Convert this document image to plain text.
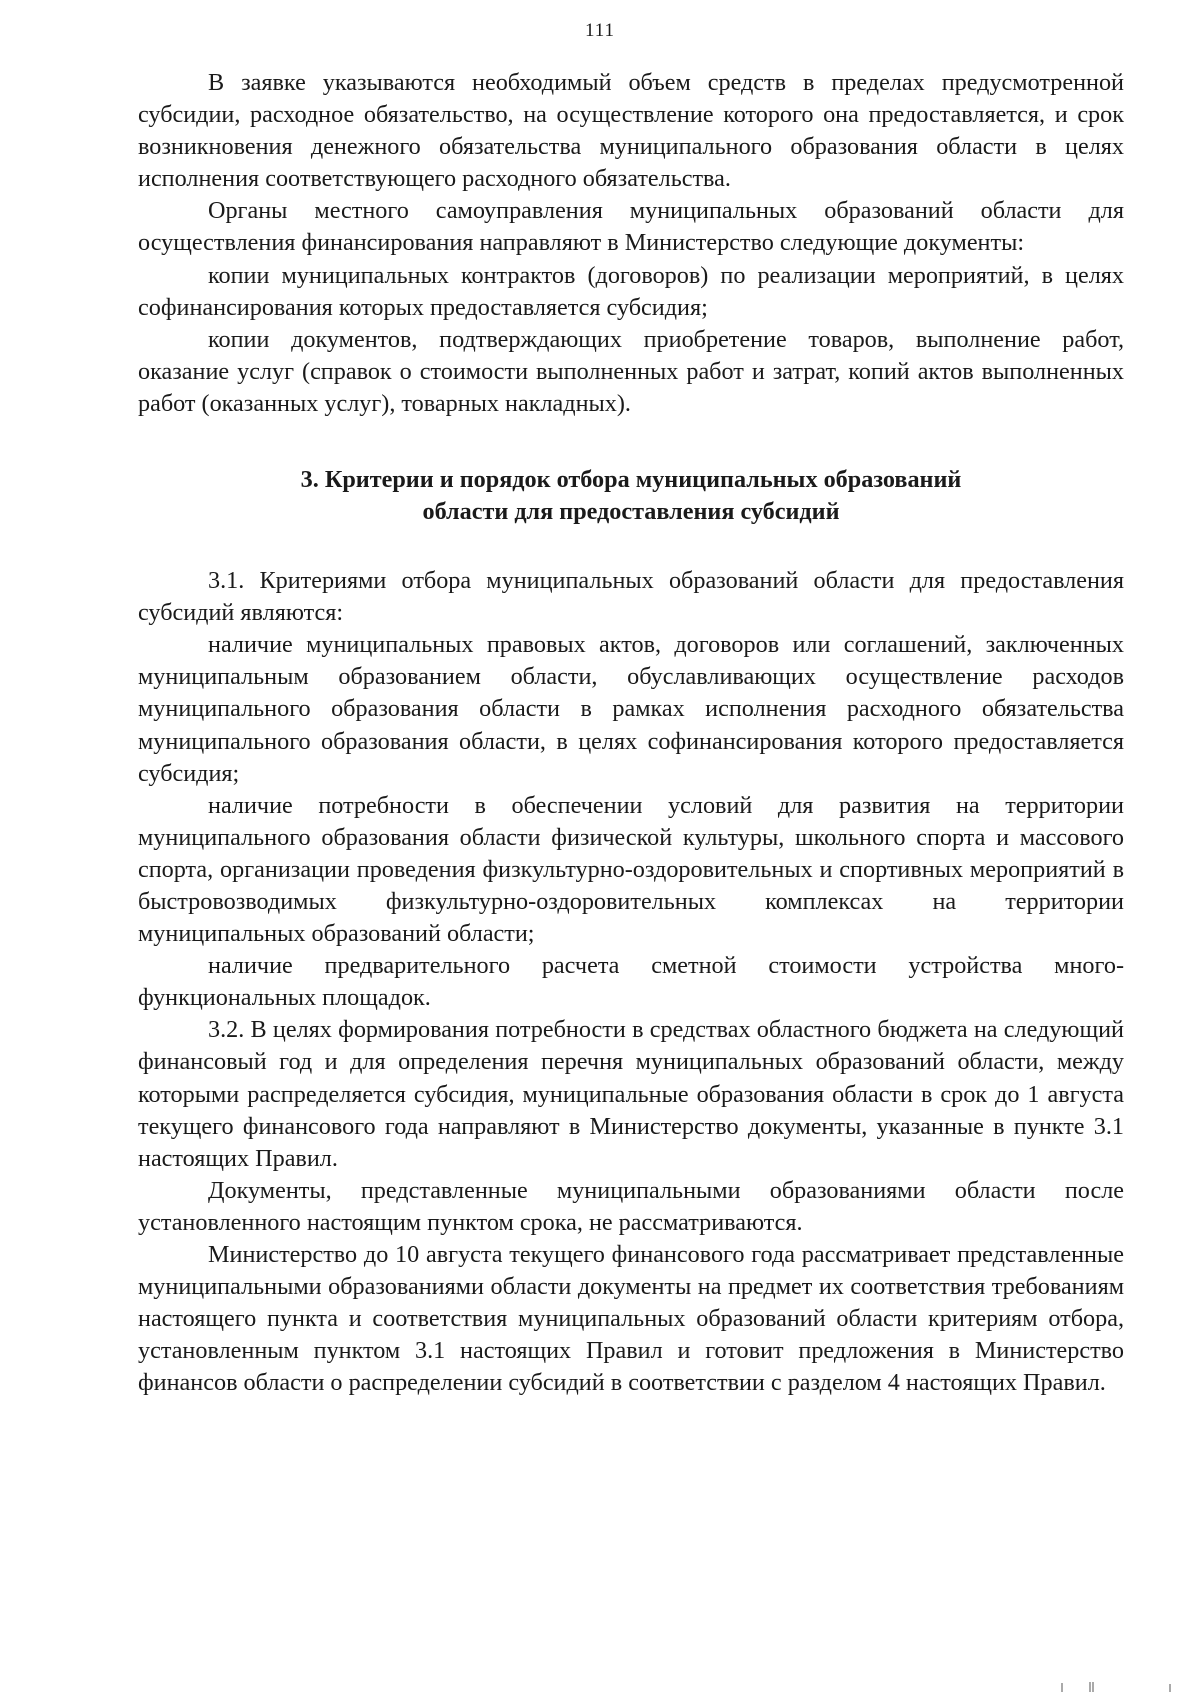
111

В заявке указываются необходимый объем средств в пределах предусмотренной субсидии, расходное обязательство, на осуществление которого она предоставляется, и срок возникновения денежного обязательства муниципального образования области в целях исполнения соответствующего расходного обязательства.

Органы местного самоуправления муниципальных образований области для осуществления финансирования направляют в Министерство следующие документы:

копии муниципальных контрактов (договоров) по реализации мероприятий, в целях софинансирования которых предоставляется субсидия;

копии документов, подтверждающих приобретение товаров, выполнение работ, оказание услуг (справок о стоимости выполненных работ и затрат, копий актов выполненных работ (оказанных услуг), товарных накладных).

3. Критерии и порядок отбора муниципальных образований
области для предоставления субсидий

3.1. Критериями отбора муниципальных образований области для предоставления субсидий являются:

наличие муниципальных правовых актов, договоров или соглашений, заключенных муниципальным образованием области, обуславливающих осуществление расходов муниципального образования области в рамках исполнения расходного обязательства муниципального образования области, в целях софинансирования которого предоставляется субсидия;

наличие потребности в обеспечении условий для развития на территории муниципального образования области физической культуры, школьного спорта и массового спорта, организации проведения физкультурно-оздоровительных и спортивных мероприятий в быстровозводимых физкультурно-оздоровительных комплексах на территории муниципальных образований области;

наличие предварительного расчета сметной стоимости устройства многофункциональных площадок.

3.2. В целях формирования потребности в средствах областного бюджета на следующий финансовый год и для определения перечня муниципальных образований области, между которыми распределяется субсидия, муниципальные образования области в срок до 1 августа текущего финансового года направляют в Министерство документы, указанные в пункте 3.1 настоящих Правил.

Документы, представленные муниципальными образованиями области после установленного настоящим пунктом срока, не рассматриваются.

Министерство до 10 августа текущего финансового года рассматривает представленные муниципальными образованиями области документы на предмет их соответствия требованиям настоящего пункта и соответствия муниципальных образований области критериям отбора, установленным пунктом 3.1 настоящих Правил и готовит предложения в Министерство финансов области о распределении субсидий в соответствии с разделом 4 настоящих Правил.
